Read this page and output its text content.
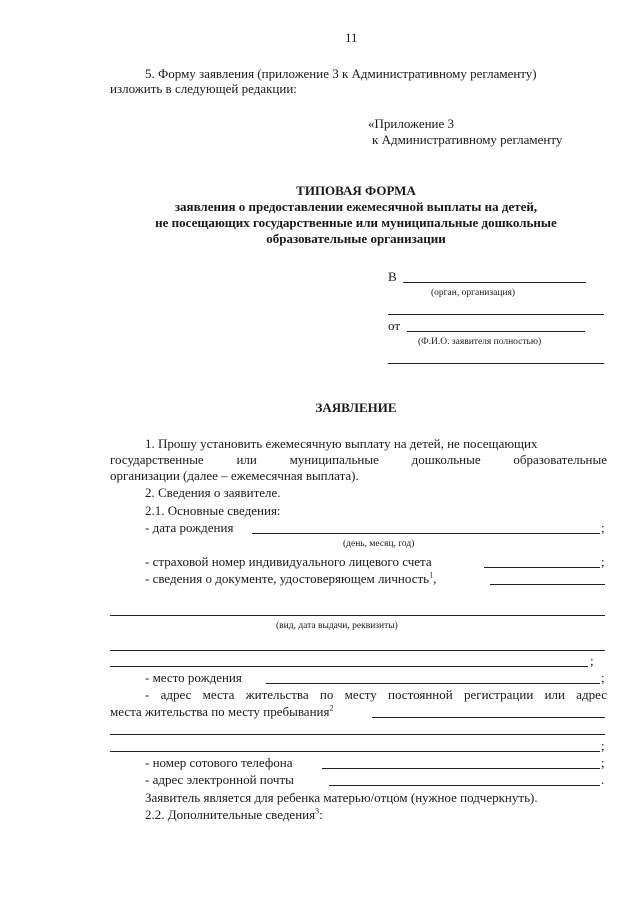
11
5. Форму заявления (приложение 3 к Административному регламенту)
изложить в следующей редакции:
«Приложение 3
к Административному регламенту
ТИПОВАЯ ФОРМА
заявления о предоставлении ежемесячной выплаты на детей,
не посещающих государственные или муниципальные дошкольные
образовательные организации
В
(орган, организация)
от
(Ф.И.О. заявителя полностью)
ЗАЯВЛЕНИЕ
1. Прошу установить ежемесячную выплату на детей, не посещающих
государственные или муниципальные дошкольные образовательные
организации (далее – ежемесячная выплата).
2. Сведения о заявителе.
2.1. Основные сведения:
- дата рождения	;
(день, месяц, год)
- страховой номер индивидуального лицевого счета	;
- сведения о документе, удостоверяющем личность$^1$,
(вид, дата выдачи, реквизиты)
;
- место рождения	;
- адрес места жительства по месту постоянной регистрации или адрес
места жительства по месту пребывания$^2$
;
- номер сотового телефона	;
- адрес электронной почты	.
Заявитель является для ребенка матерью/отцом (нужное подчеркнуть).
2.2. Дополнительные сведения$^3$:
